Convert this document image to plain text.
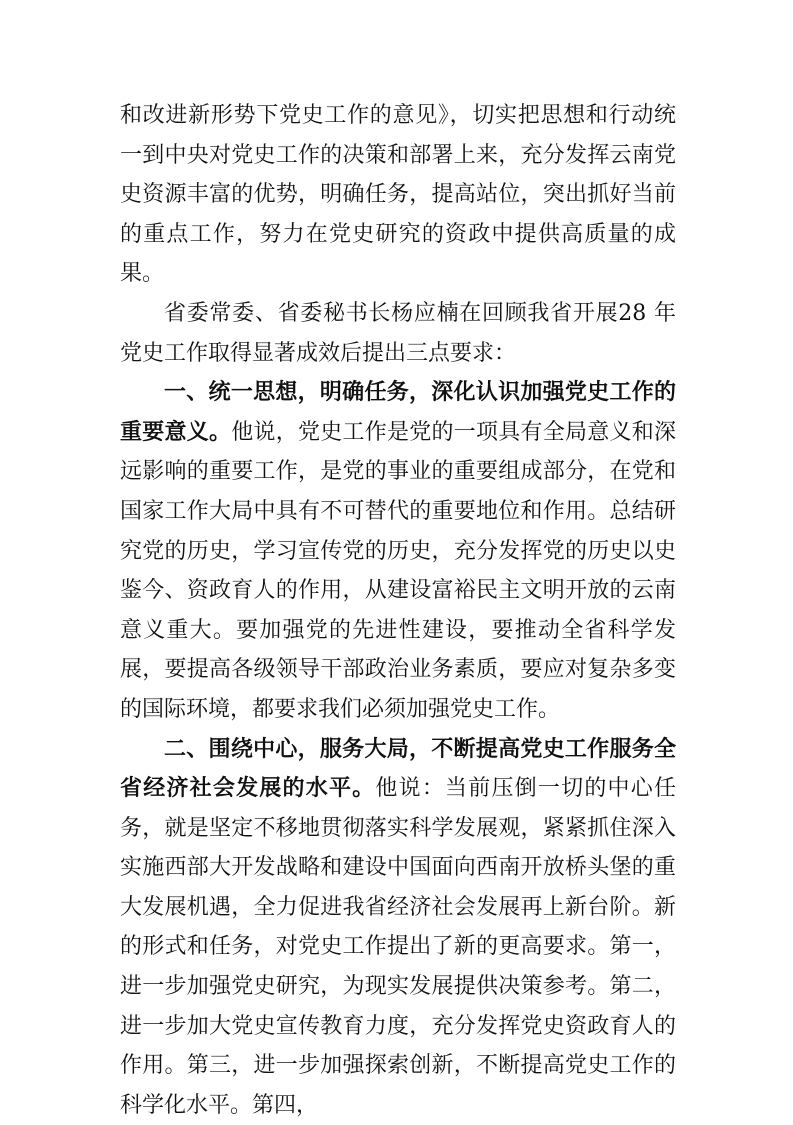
和改进新形势下党史工作的意见》，切实把思想和行动统一到中央对党史工作的决策和部署上来，充分发挥云南党史资源丰富的优势，明确任务，提高站位，突出抓好当前的重点工作，努力在党史研究的资政中提供高质量的成果。

省委常委、省委秘书长杨应楠在回顾我省开展28 年党史工作取得显著成效后提出三点要求：

一、统一思想，明确任务，深化认识加强党史工作的重要意义。他说，党史工作是党的一项具有全局意义和深远影响的重要工作，是党的事业的重要组成部分，在党和国家工作大局中具有不可替代的重要地位和作用。总结研究党的历史，学习宣传党的历史，充分发挥党的历史以史鉴今、资政育人的作用，从建设富裕民主文明开放的云南意义重大。要加强党的先进性建设，要推动全省科学发展，要提高各级领导干部政治业务素质，要应对复杂多变的国际环境，都要求我们必须加强党史工作。

二、围绕中心，服务大局，不断提高党史工作服务全省经济社会发展的水平。他说：当前压倒一切的中心任务，就是坚定不移地贯彻落实科学发展观，紧紧抓住深入实施西部大开发战略和建设中国面向西南开放桥头堡的重大发展机遇，全力促进我省经济社会发展再上新台阶。新的形式和任务，对党史工作提出了新的更高要求。第一，进一步加强党史研究，为现实发展提供决策参考。第二，进一步加大党史宣传教育力度，充分发挥党史资政育人的作用。第三，进一步加强探索创新，不断提高党史工作的科学化水平。第四，
